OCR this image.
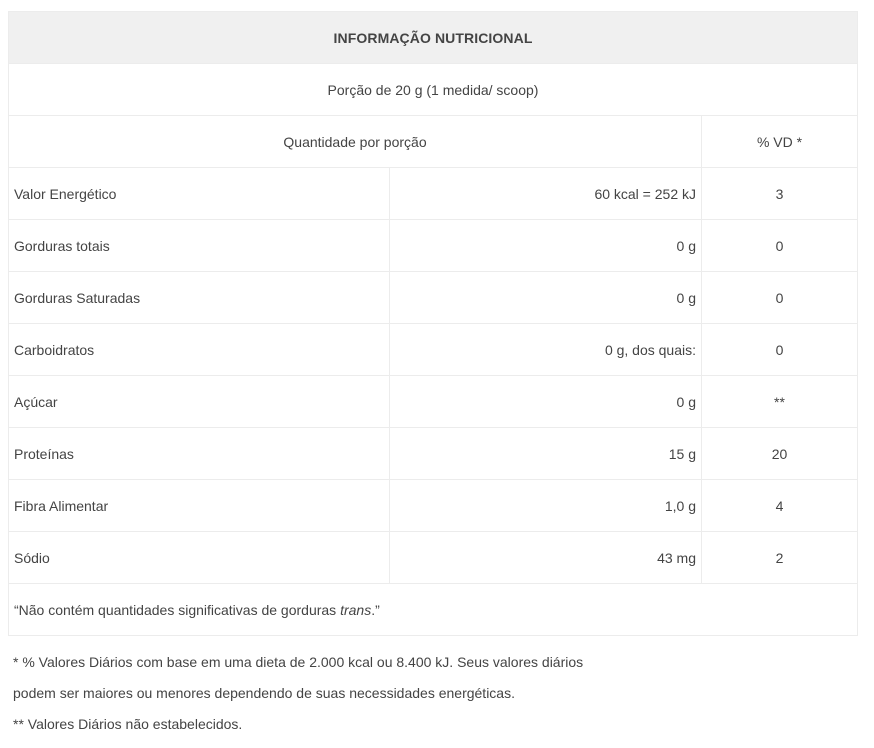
INFORMAÇÃO NUTRICIONAL		
Porção de 20 g (1 medida/ scoop)		
Quantidade por porção		% VD *
Valor Energético	60 kcal = 252 kJ	3
Gorduras totais	0 g	0
Gorduras Saturadas	0 g	0
Carboidratos	0 g, dos quais:	0
Açúcar	0 g	**
Proteínas	15 g	20
Fibra Alimentar	1,0 g	4
Sódio	43 mg	2
“Não contém quantidades significativas de gorduras trans.”		
* % Valores Diários com base em uma dieta de 2.000 kcal ou 8.400 kJ. Seus valores diários
podem ser maiores ou menores dependendo de suas necessidades energéticas.
** Valores Diários não estabelecidos.
